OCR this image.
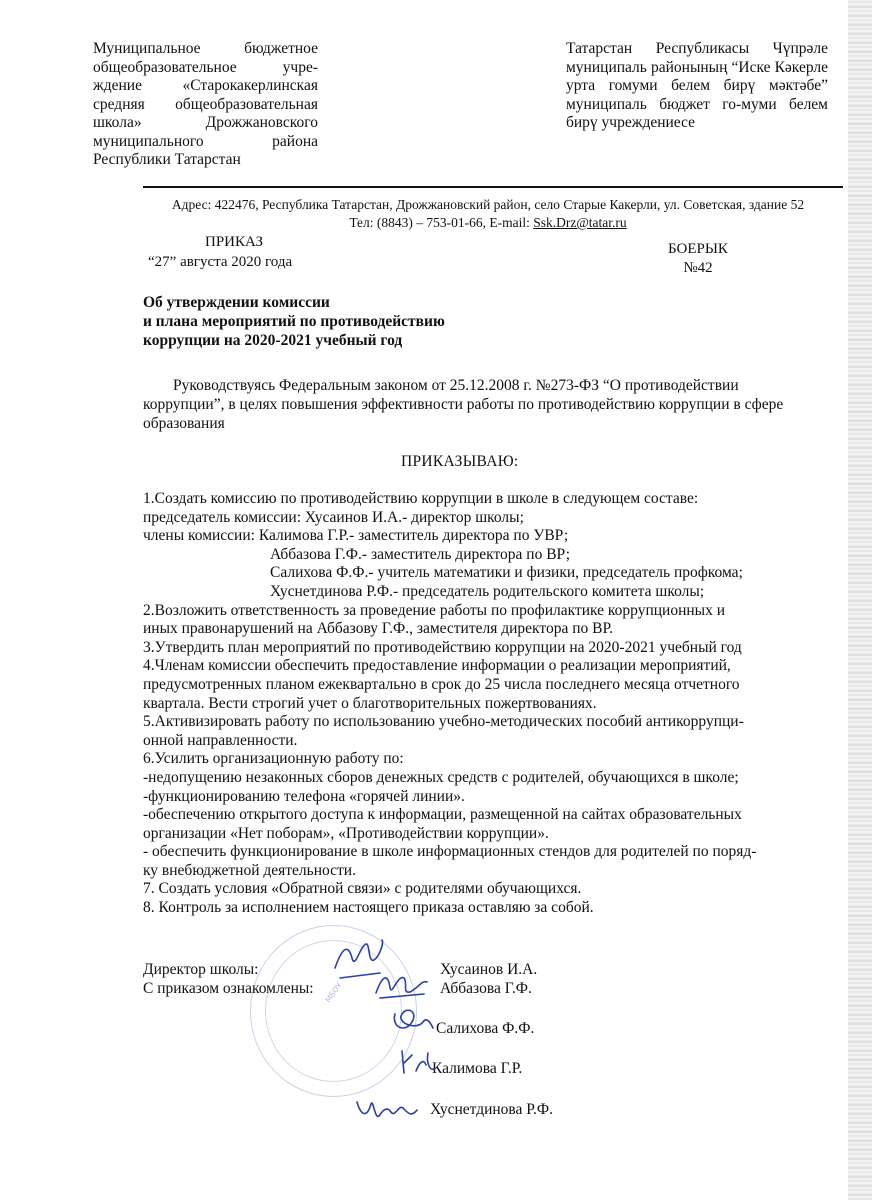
Муниципальное бюджетное общеобразовательное учре-ждение «Старокакерлинская средняя общеобразовательная школа» Дрожжановского муниципального района Республики Татарстан
Татарстан Республикасы Чүпрәле муниципаль районының “Иске Кәкерле урта гомуми белем бирү мәктәбе” муниципаль бюджет го-муми белем бирү учреждениесе
Адрес: 422476, Республика Татарстан, Дрожжановский район, село Старые Какерли, ул. Советская, здание 52
Тел: (8843) – 753-01-66, E-mail: Ssk.Drz@tatar.ru
ПРИКАЗ
“27” августа 2020 года
БОЕРЫК
№42
Об утверждении комиссии
и плана мероприятий по противодействию
коррупции на 2020-2021 учебный год
Руководствуясь Федеральным законом от 25.12.2008 г. №273-ФЗ “О противодействии коррупции”, в целях повышения эффективности работы по противодействию коррупции в сфере образования
ПРИКАЗЫВАЮ:
1.Создать комиссию по противодействию коррупции в школе в следующем составе:
председатель комиссии: Хусаинов И.А.- директор школы;
члены комиссии: Калимова Г.Р.- заместитель директора по УВР;
Аббазова Г.Ф.- заместитель директора по ВР;
Салихова Ф.Ф.- учитель математики и физики, председатель профкома;
Хуснетдинова Р.Ф.- председатель родительского комитета школы;
2.Возложить ответственность за проведение работы по профилактике коррупционных и
иных правонарушений на Аббазову Г.Ф., заместителя директора по ВР.
3.Утвердить план мероприятий по противодействию коррупции на 2020-2021 учебный год
4.Членам комиссии обеспечить предоставление информации о реализации мероприятий,
предусмотренных планом ежеквартально в срок до 25 числа последнего месяца отчетного
квартала. Вести строгий учет о благотворительных пожертвованиях.
5.Активизировать работу по использованию учебно-методических пособий антикоррупци-
онной направленности.
6.Усилить организационную работу по:
-недопущению незаконных сборов денежных средств с родителей, обучающихся в школе;
-функционированию телефона «горячей линии».
-обеспечению открытого доступа к информации, размещенной на сайтах образовательных
организации «Нет поборам», «Противодействии коррупции».
- обеспечить функционирование в школе информационных стендов для родителей по поряд-
ку внебюджетной деятельности.
7. Создать условия «Обратной связи» с родителями обучающихся.
8. Контроль за исполнением настоящего приказа оставляю за собой.
МБОУ
Директор школы:
С приказом ознакомлены:
Хусаинов И.А.
Аббазова Г.Ф.
Салихова Ф.Ф.
Калимова Г.Р.
Хуснетдинова Р.Ф.
